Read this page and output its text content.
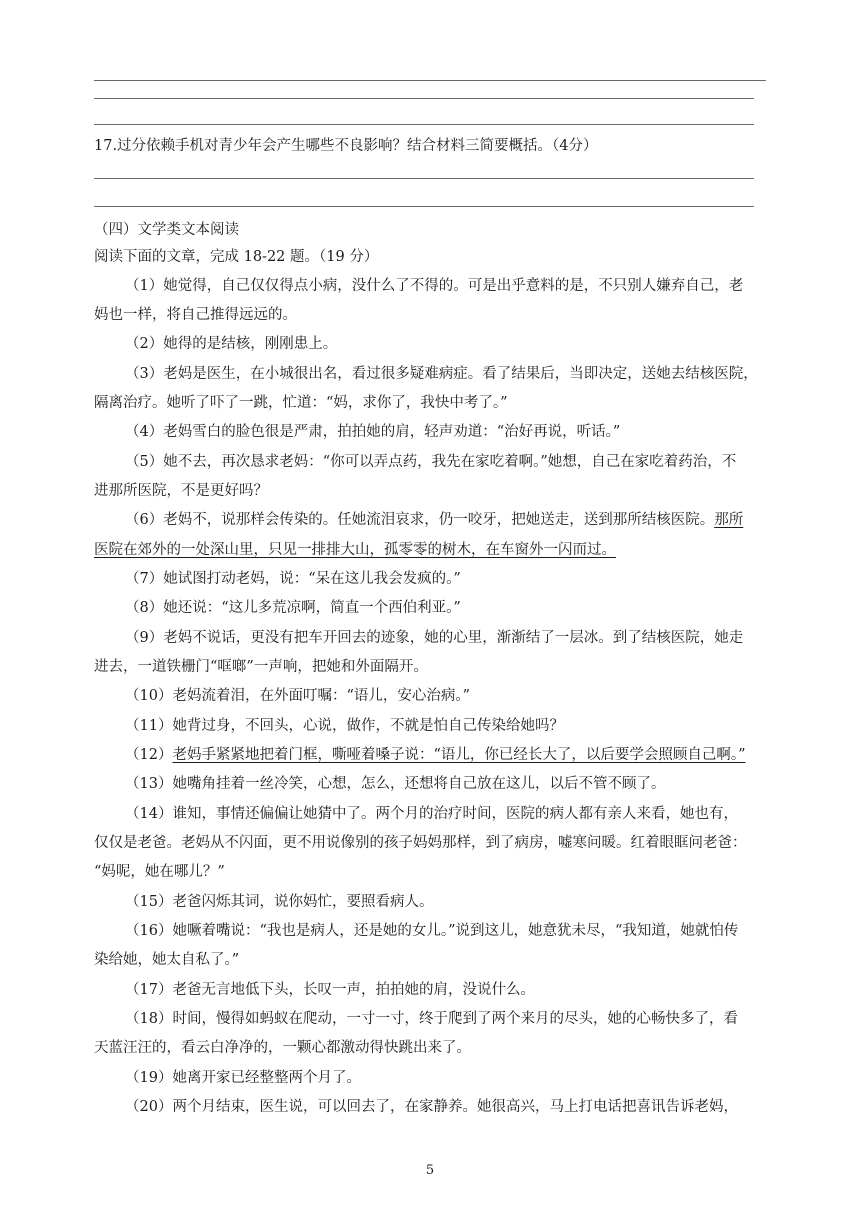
17.过分依赖手机对青少年会产生哪些不良影响？结合材料三简要概括。（4分）
（四）文学类文本阅读
阅读下面的文章，完成 18-22 题。（19 分）
（1）她觉得，自己仅仅得点小病，没什么了不得的。可是出乎意料的是，不只别人嫌弃自己，老
妈也一样，将自己推得远远的。
（2）她得的是结核，刚刚患上。
（3）老妈是医生，在小城很出名，看过很多疑难病症。看了结果后，当即决定，送她去结核医院，
隔离治疗。她听了吓了一跳，忙道：“妈，求你了，我快中考了。”
（4）老妈雪白的脸色很是严肃，拍拍她的肩，轻声劝道：“治好再说，听话。”
（5）她不去，再次恳求老妈：“你可以弄点药，我先在家吃着啊。”她想，自己在家吃着药治，不
进那所医院，不是更好吗？
（6）老妈不，说那样会传染的。任她流泪哀求，仍一咬牙，把她送走，送到那所结核医院。那所
医院在郊外的一处深山里，只见一排排大山，孤零零的树木，在车窗外一闪而过。
（7）她试图打动老妈，说：“呆在这儿我会发疯的。”
（8）她还说：“这儿多荒凉啊，简直一个西伯利亚。”
（9）老妈不说话，更没有把车开回去的迹象，她的心里，渐渐结了一层冰。到了结核医院，她走
进去，一道铁栅门“哐啷”一声响，把她和外面隔开。
（10）老妈流着泪，在外面叮嘱：“语儿，安心治病。”
（11）她背过身，不回头，心说，做作，不就是怕自己传染给她吗？
（12）老妈手紧紧地把着门框，嘶哑着嗓子说：“语儿，你已经长大了，以后要学会照顾自己啊。”
（13）她嘴角挂着一丝冷笑，心想，怎么，还想将自己放在这儿，以后不管不顾了。
（14）谁知，事情还偏偏让她猜中了。两个月的治疗时间，医院的病人都有亲人来看，她也有，
仅仅是老爸。老妈从不闪面，更不用说像别的孩子妈妈那样，到了病房，嘘寒问暖。红着眼眶问老爸：
“妈呢，她在哪儿？”
（15）老爸闪烁其词，说你妈忙，要照看病人。
（16）她噘着嘴说：“我也是病人，还是她的女儿。”说到这儿，她意犹未尽，“我知道，她就怕传
染给她，她太自私了。”
（17）老爸无言地低下头，长叹一声，拍拍她的肩，没说什么。
（18）时间，慢得如蚂蚁在爬动，一寸一寸，终于爬到了两个来月的尽头，她的心畅快多了，看
天蓝汪汪的，看云白净净的，一颗心都激动得快跳出来了。
（19）她离开家已经整整两个月了。
（20）两个月结束，医生说，可以回去了，在家静养。她很高兴，马上打电话把喜讯告诉老妈，
5
